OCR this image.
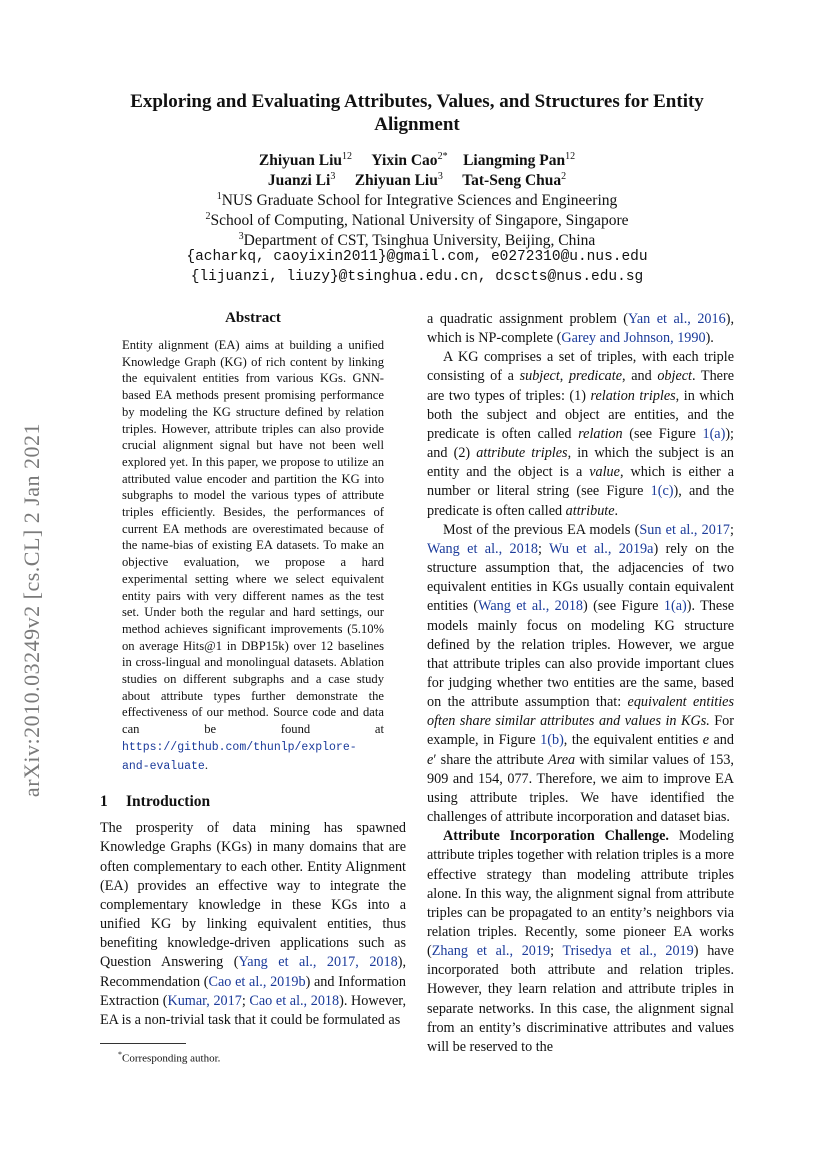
arXiv:2010.03249v2 [cs.CL] 2 Jan 2021
Exploring and Evaluating Attributes, Values, and Structures for Entity Alignment
Zhiyuan Liu$^{12}$ Yixin Cao$^{2*}$ Liangming Pan$^{12}$
Juanzi Li$^3$ Zhiyuan Liu$^3$ Tat-Seng Chua$^2$
$^1$NUS Graduate School for Integrative Sciences and Engineering
$^2$School of Computing, National University of Singapore, Singapore
$^3$Department of CST, Tsinghua University, Beijing, China
{acharkq, caoyixin2011}@gmail.com, e0272310@u.nus.edu
{lijuanzi, liuzy}@tsinghua.edu.cn, dcscts@nus.edu.sg
Abstract

Entity alignment (EA) aims at building a unified Knowledge Graph (KG) of rich content by linking the equivalent entities from various KGs. GNN-based EA methods present promising performance by modeling the KG structure defined by relation triples. However, attribute triples can also provide crucial alignment signal but have not been well explored yet. In this paper, we propose to utilize an attributed value encoder and partition the KG into subgraphs to model the various types of attribute triples efficiently. Besides, the performances of current EA methods are overestimated because of the name-bias of existing EA datasets. To make an objective evaluation, we propose a hard experimental setting where we select equivalent entity pairs with very different names as the test set. Under both the regular and hard settings, our method achieves significant improvements (5.10% on average Hits@1 in DBP15k) over 12 baselines in cross-lingual and monolingual datasets. Ablation studies on different subgraphs and a case study about attribute types further demonstrate the effectiveness of our method. Source code and data can be found at https://github.com/thunlp/explore-and-evaluate.

1 Introduction

The prosperity of data mining has spawned Knowledge Graphs (KGs) in many domains that are often complementary to each other. Entity Alignment (EA) provides an effective way to integrate the complementary knowledge in these KGs into a unified KG by linking equivalent entities, thus benefiting knowledge-driven applications such as Question Answering (Yang et al., 2017, 2018), Recommendation (Cao et al., 2019b) and Information Extraction (Kumar, 2017; Cao et al., 2018). However, EA is a non-trivial task that it could be formulated as

*Corresponding author.

a quadratic assignment problem (Yan et al., 2016), which is NP-complete (Garey and Johnson, 1990).

A KG comprises a set of triples, with each triple consisting of a subject, predicate, and object. There are two types of triples: (1) relation triples, in which both the subject and object are entities, and the predicate is often called relation (see Figure 1(a)); and (2) attribute triples, in which the subject is an entity and the object is a value, which is either a number or literal string (see Figure 1(c)), and the predicate is often called attribute.

Most of the previous EA models (Sun et al., 2017; Wang et al., 2018; Wu et al., 2019a) rely on the structure assumption that, the adjacencies of two equivalent entities in KGs usually contain equivalent entities (Wang et al., 2018) (see Figure 1(a)). These models mainly focus on modeling KG structure defined by the relation triples. However, we argue that attribute triples can also provide important clues for judging whether two entities are the same, based on the attribute assumption that: equivalent entities often share similar attributes and values in KGs. For example, in Figure 1(b), the equivalent entities e and e′ share the attribute Area with similar values of 153, 909 and 154, 077. Therefore, we aim to improve EA using attribute triples. We have identified the challenges of attribute incorporation and dataset bias.

Attribute Incorporation Challenge. Modeling attribute triples together with relation triples is a more effective strategy than modeling attribute triples alone. In this way, the alignment signal from attribute triples can be propagated to an entity’s neighbors via relation triples. Recently, some pioneer EA works (Zhang et al., 2019; Trisedya et al., 2019) have incorporated both attribute and relation triples. However, they learn relation and attribute triples in separate networks. In this case, the alignment signal from an entity’s discriminative attributes and values will be reserved to the
